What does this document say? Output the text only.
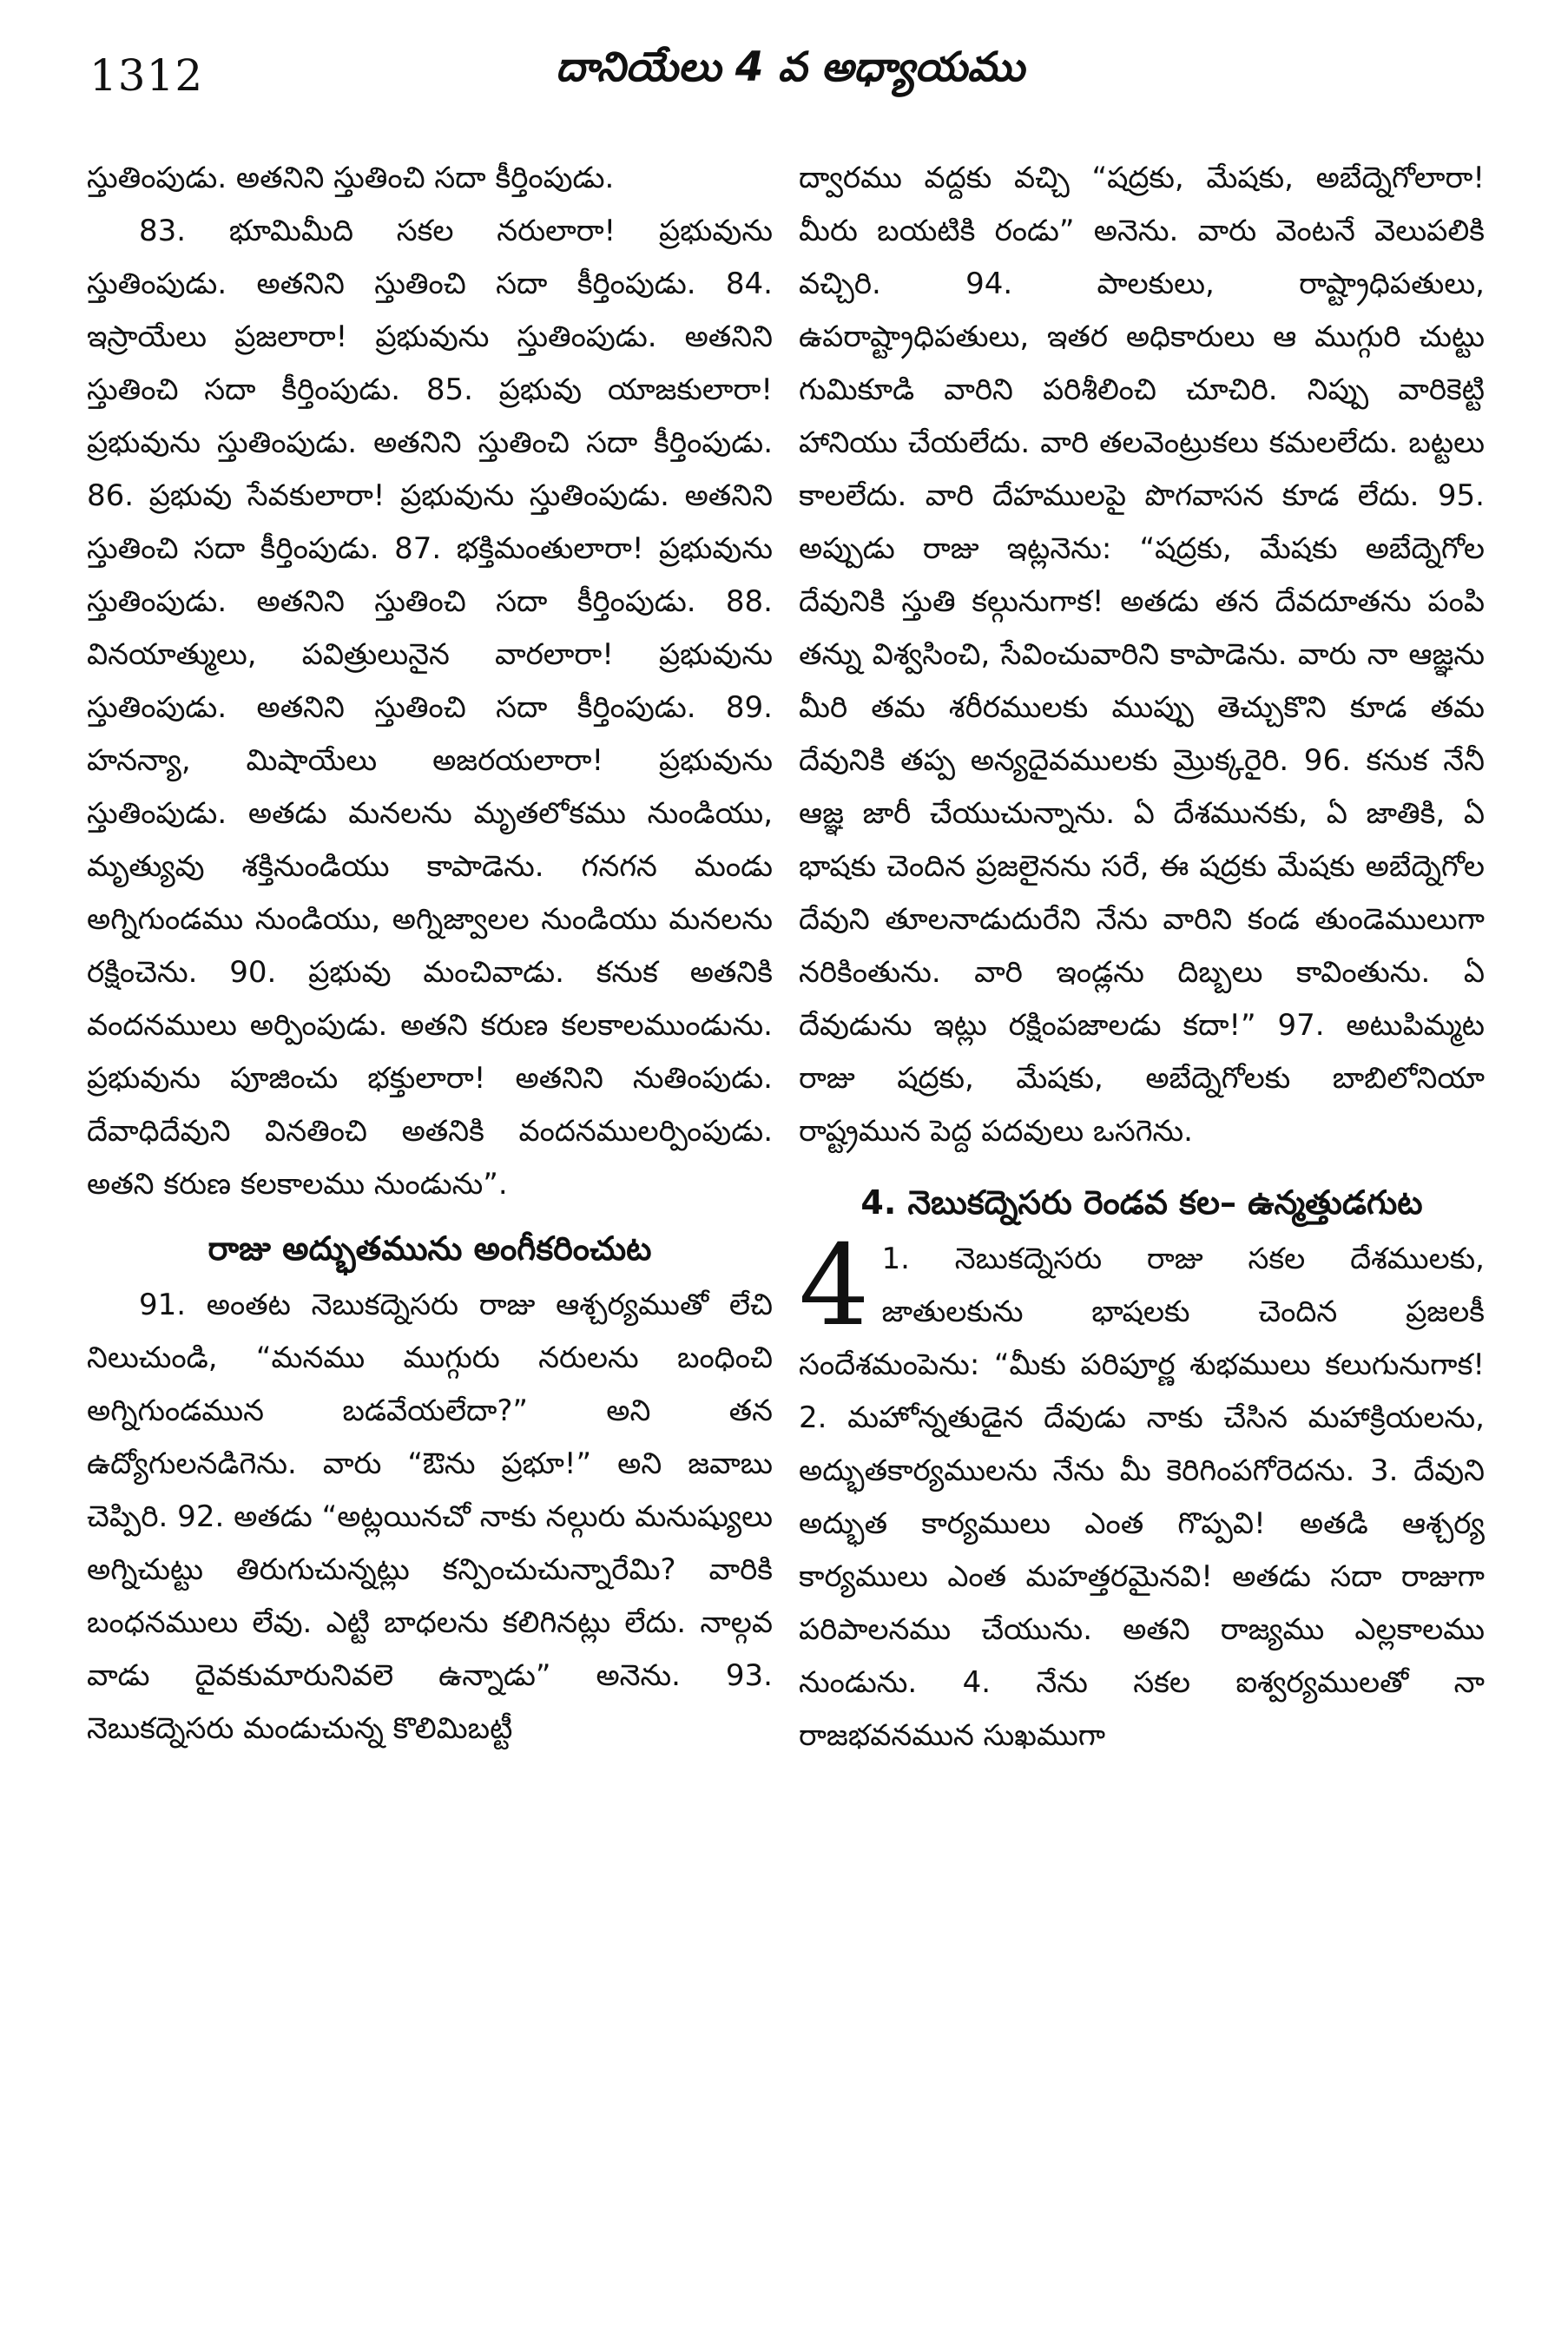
1312	దానియేలు 4 వ అధ్యాయము

స్తుతింపుడు. అతనిని స్తుతించి సదా కీర్తింపుడు.

83. భూమిమీది సకల నరులారా! ప్రభువును స్తుతింపుడు. అతనిని స్తుతించి సదా కీర్తింపుడు. 84. ఇస్రాయేలు ప్రజలారా! ప్రభువును స్తుతింపుడు. అతనిని స్తుతించి సదా కీర్తింపుడు. 85. ప్రభువు యాజకులారా! ప్రభువును స్తుతింపుడు. అతనిని స్తుతించి సదా కీర్తింపుడు. 86. ప్రభువు సేవకులారా! ప్రభువును స్తుతింపుడు. అతనిని స్తుతించి సదా కీర్తింపుడు. 87. భక్తిమంతులారా! ప్రభువును స్తుతింపుడు. అతనిని స్తుతించి సదా కీర్తింపుడు. 88. వినయాత్ములు, పవిత్రులునైన వారలారా! ప్రభువును స్తుతింపుడు. అతనిని స్తుతించి సదా కీర్తింపుడు. 89. హనన్యా, మిషాయేలు అజరయలారా! ప్రభువును స్తుతింపుడు. అతడు మనలను మృతలోకము నుండియు, మృత్యువు శక్తినుండియు కాపాడెను. గనగన మండు అగ్నిగుండము నుండియు, అగ్నిజ్వాలల నుండియు మనలను రక్షించెను. 90. ప్రభువు మంచివాడు. కనుక అతనికి వందనములు అర్పింపుడు. అతని కరుణ కలకాలముండును. ప్రభువును పూజించు భక్తులారా! అతనిని నుతింపుడు. దేవాధిదేవుని వినతించి అతనికి వందనములర్పింపుడు. అతని కరుణ కలకాలము నుండును”.

రాజు అద్భుతమును అంగీకరించుట

91. అంతట నెబుకద్నెసరు రాజు ఆశ్చర్యముతో లేచి నిలుచుండి, “మనము ముగ్గురు నరులను బంధించి అగ్నిగుండమున బడవేయలేదా?” అని తన ఉద్యోగులనడిగెను. వారు “ఔను ప్రభూ!” అని జవాబు చెప్పిరి. 92. అతడు “అట్లయినచో నాకు నల్గురు మనుష్యులు అగ్నిచుట్టు తిరుగుచున్నట్లు కన్పించుచున్నారేమి? వారికి బంధనములు లేవు. ఎట్టి బాధలను కలిగినట్లు లేదు. నాల్గవ వాడు దైవకుమారునివలె ఉన్నాడు” అనెను. 93. నెబుకద్నెసరు మండుచున్న కొలిమిబట్టీ

ద్వారము వద్దకు వచ్చి “షద్రకు, మేషకు, అబేద్నెగోలారా! మీరు బయటికి రండు” అనెను. వారు వెంటనే వెలుపలికి వచ్చిరి. 94. పాలకులు, రాష్ట్రాధిపతులు, ఉపరాష్ట్రాధిపతులు, ఇతర అధికారులు ఆ ముగ్గురి చుట్టు గుమికూడి వారిని పరిశీలించి చూచిరి. నిప్పు వారికెట్టి హానియు చేయలేదు. వారి తలవెంట్రుకలు కమలలేదు. బట్టలు కాలలేదు. వారి దేహములపై పొగవాసన కూడ లేదు. 95. అప్పుడు రాజు ఇట్లనెను: “షద్రకు, మేషకు అబేద్నెగోల దేవునికి స్తుతి కల్గునుగాక! అతడు తన దేవదూతను పంపి తన్ను విశ్వసించి, సేవించువారిని కాపాడెను. వారు నా ఆజ్ఞను మీరి తమ శరీరములకు ముప్పు తెచ్చుకొని కూడ తమ దేవునికి తప్ప అన్యదైవములకు మ్రొక్కరైరి. 96. కనుక నేనీ ఆజ్ఞ జారీ చేయుచున్నాను. ఏ దేశమునకు, ఏ జాతికి, ఏ భాషకు చెందిన ప్రజలైనను సరే, ఈ షద్రకు మేషకు అబేద్నెగోల దేవుని తూలనాడుదురేని నేను వారిని కండ తుండెములుగా నరికింతును. వారి ఇండ్లను దిబ్బలు కావింతును. ఏ దేవుడును ఇట్లు రక్షింపజాలడు కదా!” 97. అటుపిమ్మట రాజు షద్రకు, మేషకు, అబేద్నెగోలకు బాబిలోనియా రాష్ట్రమున పెద్ద పదవులు ఒసగెను.

4. నెబుకద్నెసరు రెండవ కల– ఉన్మత్తుడగుట

4 1. నెబుకద్నెసరు రాజు సకల దేశములకు, జాతులకును భాషలకు చెందిన ప్రజలకీ సందేశమంపెను: “మీకు పరిపూర్ణ శుభములు కలుగునుగాక! 2. మహోన్నతుడైన దేవుడు నాకు చేసిన మహాక్రియలను, అద్భుతకార్యములను నేను మీ కెరిగింపగోరెదను. 3. దేవుని అద్భుత కార్యములు ఎంత గొప్పవి! అతడి ఆశ్చర్య కార్యములు ఎంత మహత్తరమైనవి! అతడు సదా రాజుగా పరిపాలనము చేయును. అతని రాజ్యము ఎల్లకాలము నుండును. 4. నేను సకల ఐశ్వర్యములతో నా రాజభవనమున సుఖముగా
